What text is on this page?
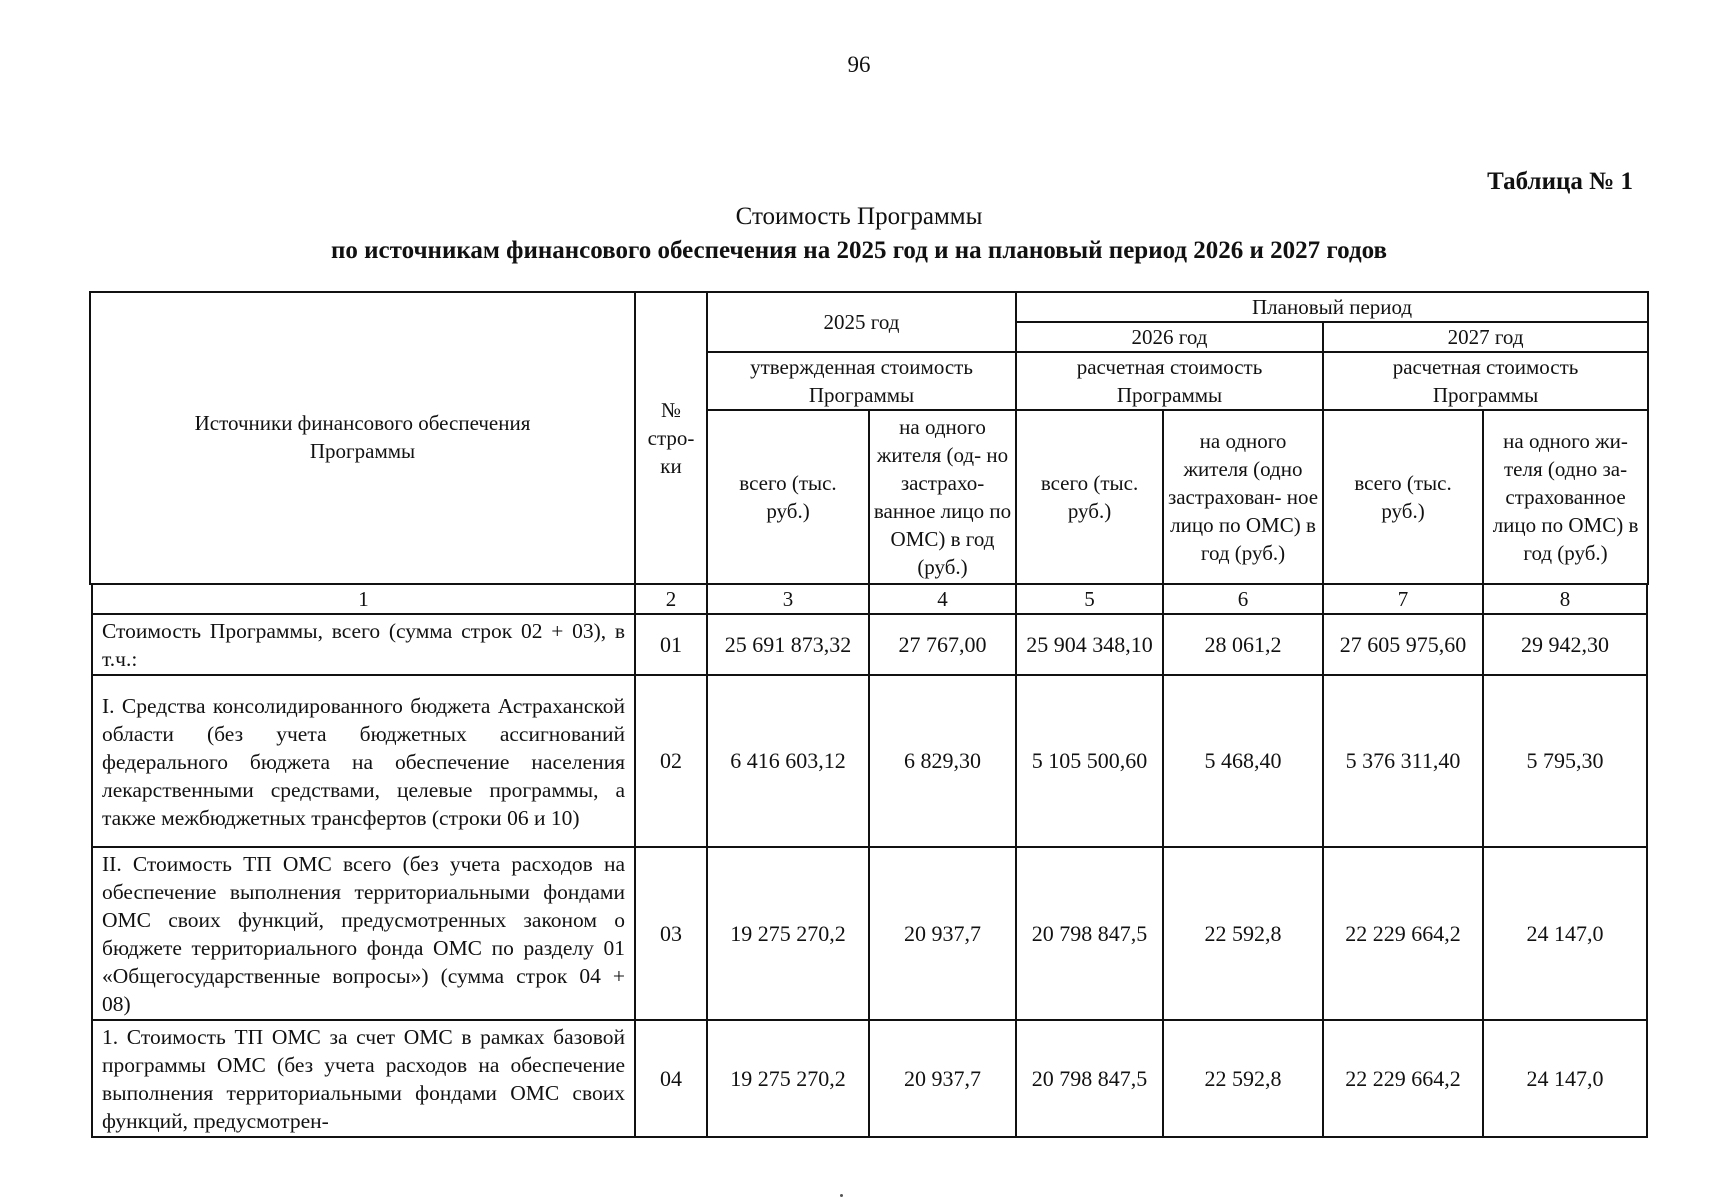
96
Таблица № 1
Стоимость Программы
по источникам финансового обеспечения на 2025 год и на плановый период 2026 и 2027 годов
Источники финансового обеспечения Программы	№ стро- ки	2025 год		Плановый период			
				2026 год		2027 год	
		утвержденная стоимость Программы		расчетная стоимость Программы		расчетная стоимость Программы	
		всего (тыс. руб.)	на одного жителя (од- но застрахо- ванное лицо по ОМС) в год (руб.)	всего (тыс. руб.)	на одного жителя (одно застрахован- ное лицо по ОМС) в год (руб.)	всего (тыс. руб.)	на одного жи- теля (одно за- страхованное лицо по ОМС) в год (руб.)
1	2	3	4	5	6	7	8
Стоимость Программы, всего (сумма строк 02 + 03), в т.ч.:	01	25 691 873,32	27 767,00	25 904 348,10	28 061,2	27 605 975,60	29 942,30
I. Средства консолидированного бюджета Астраханской области (без учета бюджетных ассигнований федерального бюджета на обеспечение населения лекарственными средствами, целевые программы, а также межбюджетных трансфертов (строки 06 и 10)	02	6 416 603,12	6 829,30	5 105 500,60	5 468,40	5 376 311,40	5 795,30
II. Стоимость ТП ОМС всего (без учета расходов на обеспечение выполнения территориальными фондами ОМС своих функций, предусмотренных законом о бюджете территориального фонда ОМС по разделу 01 «Общегосударственные вопросы») (сумма строк 04 + 08)	03	19 275 270,2	20 937,7	20 798 847,5	22 592,8	22 229 664,2	24 147,0
1. Стоимость ТП ОМС за счет ОМС в рамках базовой программы ОМС (без учета расходов на обеспечение выполнения территориальными фондами ОМС своих функций, предусмотрен-	04	19 275 270,2	20 937,7	20 798 847,5	22 592,8	22 229 664,2	24 147,0
